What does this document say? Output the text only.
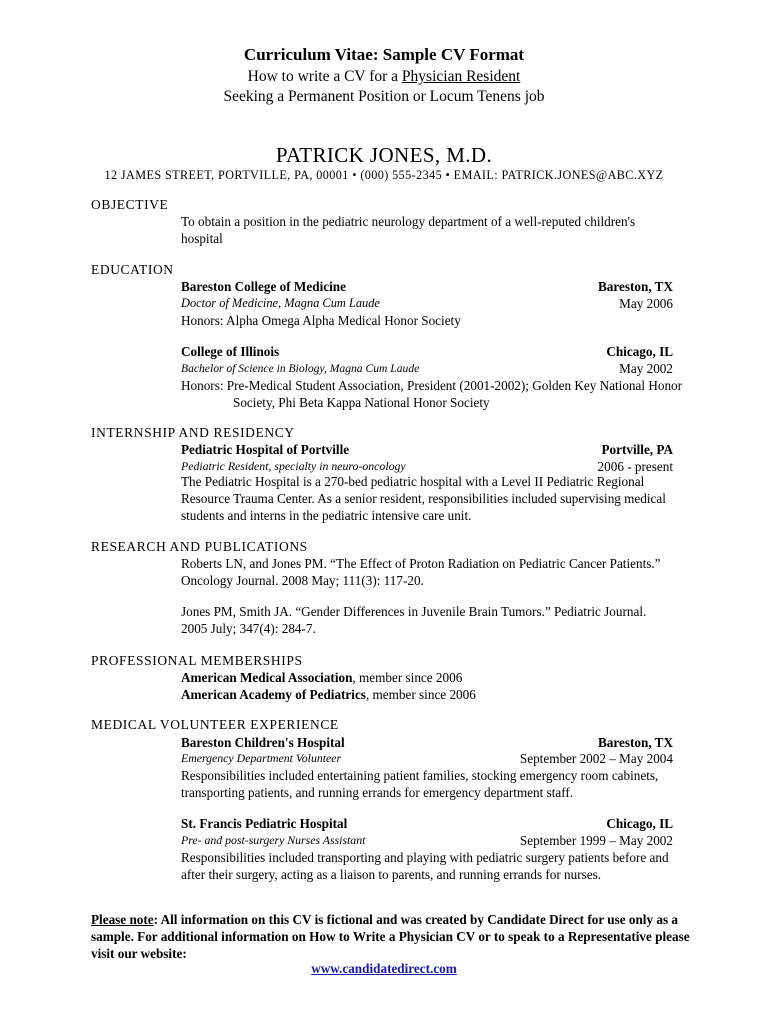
Curriculum Vitae: Sample CV Format
How to write a CV for a Physician Resident
Seeking a Permanent Position or Locum Tenens job
PATRICK JONES, M.D.
12 JAMES STREET, PORTVILLE, PA, 00001 • (000) 555-2345 • EMAIL: PATRICK.JONES@ABC.XYZ
OBJECTIVE
To obtain a position in the pediatric neurology department of a well-reputed children's hospital
EDUCATION
Bareston College of Medicine	Bareston, TX
Doctor of Medicine, Magna Cum Laude	May 2006
Honors: Alpha Omega Alpha Medical Honor Society
College of Illinois	Chicago, IL
Bachelor of Science in Biology, Magna Cum Laude	May 2002
Honors: Pre-Medical Student Association, President (2001-2002); Golden Key National Honor Society, Phi Beta Kappa National Honor Society
INTERNSHIP AND RESIDENCY
Pediatric Hospital of Portville	Portville, PA
Pediatric Resident, specialty in neuro-oncology	2006 - present
The Pediatric Hospital is a 270-bed pediatric hospital with a Level II Pediatric Regional Resource Trauma Center. As a senior resident, responsibilities included supervising medical students and interns in the pediatric intensive care unit.
RESEARCH AND PUBLICATIONS
Roberts LN, and Jones PM. “The Effect of Proton Radiation on Pediatric Cancer Patients.” Oncology Journal. 2008 May; 111(3): 117-20.
Jones PM, Smith JA. “Gender Differences in Juvenile Brain Tumors.” Pediatric Journal. 2005 July; 347(4): 284-7.
PROFESSIONAL MEMBERSHIPS
American Medical Association, member since 2006
American Academy of Pediatrics, member since 2006
MEDICAL VOLUNTEER EXPERIENCE
Bareston Children's Hospital	Bareston, TX
Emergency Department Volunteer	September 2002 – May 2004
Responsibilities included entertaining patient families, stocking emergency room cabinets, transporting patients, and running errands for emergency department staff.
St. Francis Pediatric Hospital	Chicago, IL
Pre- and post-surgery Nurses Assistant	September 1999 – May 2002
Responsibilities included transporting and playing with pediatric surgery patients before and after their surgery, acting as a liaison to parents, and running errands for nurses.
Please note: All information on this CV is fictional and was created by Candidate Direct for use only as a sample. For additional information on How to Write a Physician CV or to speak to a Representative please visit our website:
www.candidatedirect.com
